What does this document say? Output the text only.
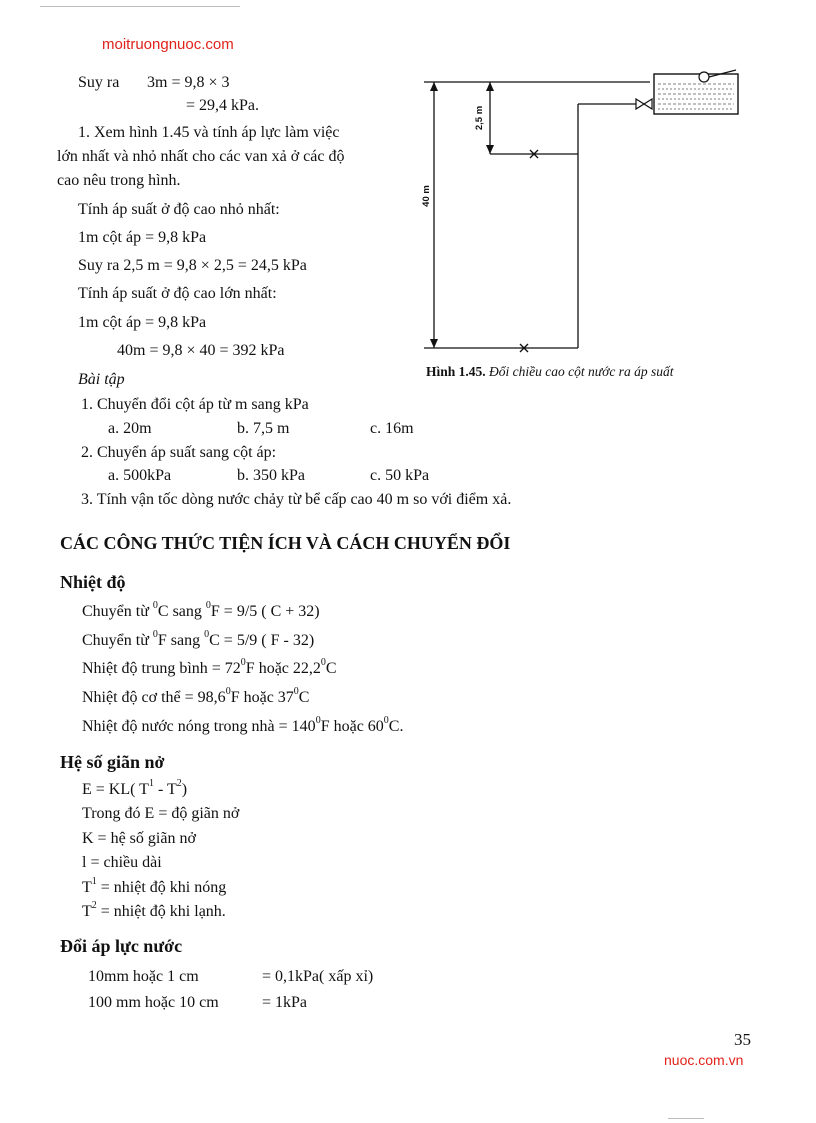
moitruongnuoc.com
Suy ra 3m = 9,8 × 3
= 29,4 kPa.
1. Xem hình 1.45 và tính áp lực làm việc
lớn nhất và nhỏ nhất cho các van xả ở các độ
cao nêu trong hình.
Tính áp suất ở độ cao nhỏ nhất:
1m cột áp = 9,8 kPa
Suy ra 2,5 m = 9,8 × 2,5 = 24,5 kPa
Tính áp suất ở độ cao lớn nhất:
1m cột áp = 9,8 kPa
40m = 9,8 × 40 = 392 kPa
2,5 m
40 m
Hình 1.45. Đổi chiều cao cột nước ra áp suất
Bài tập
1. Chuyển đổi cột áp từ m sang kPa
a. 20m	b. 7,5 m	c. 16m
2. Chuyển áp suất sang cột áp:
a. 500kPa	b. 350 kPa	c. 50 kPa
3. Tính vận tốc dòng nước chảy từ bể cấp cao 40 m so với điểm xả.
CÁC CÔNG THỨC TIỆN ÍCH VÀ CÁCH CHUYỂN ĐỔI
Nhiệt độ
Chuyển từ $^0$C sang $^0$F = 9/5 ( C + 32)
Chuyển từ $^0$F sang $^0$C = 5/9 ( F - 32)
Nhiệt độ trung bình = $72^0F$ hoặc 22,2$^0$C
Nhiệt độ cơ thể = $98,6^0F$ hoặc $37^0C$
Nhiệt độ nước nóng trong nhà = $140^0F$ hoặc $60^0C$.
Hệ số giãn nở
E = KL( $T^1 - T^2$)
Trong đó E = độ giãn nở
K = hệ số giãn nở
l = chiều dài
$T^1$ = nhiệt độ khi nóng
$T^2$ = nhiệt độ khi lạnh.
Đổi áp lực nước
10mm hoặc 1 cm	= 0,1kPa( xấp xỉ)
100 mm hoặc 10 cm	= 1kPa
35
nuoc.com.vn
